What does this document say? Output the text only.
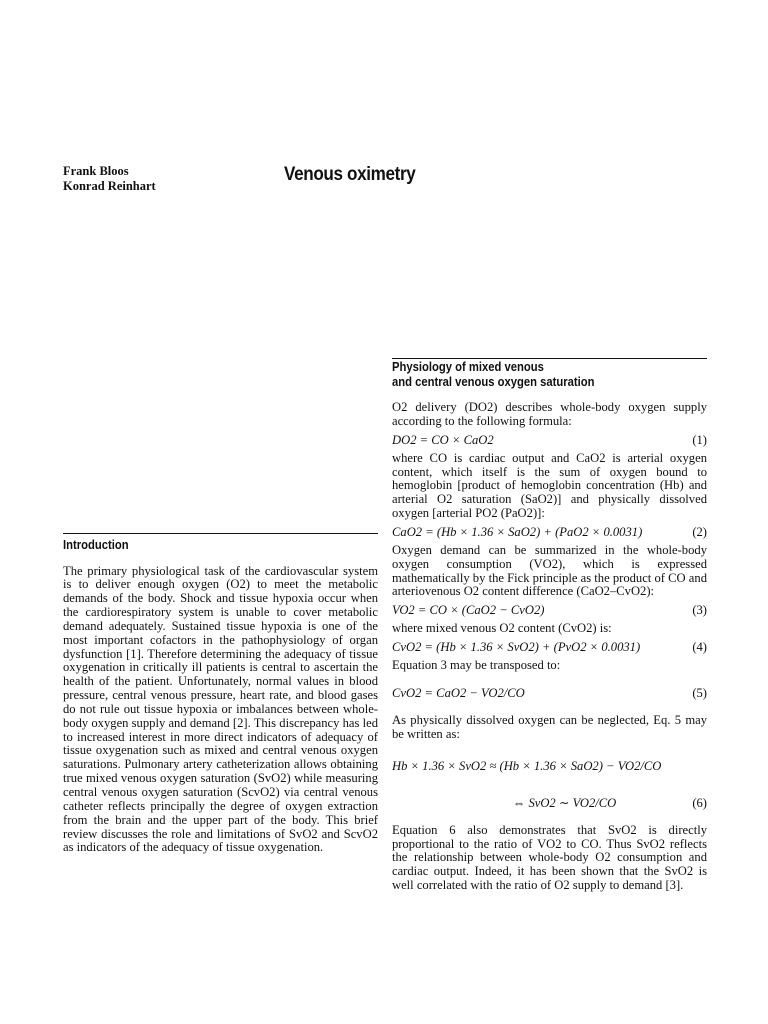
Frank Bloos
Konrad Reinhart
Venous oximetry
Introduction
The primary physiological task of the cardiovascular system is to deliver enough oxygen (O2) to meet the metabolic demands of the body. Shock and tissue hypoxia occur when the cardiorespiratory system is unable to cover metabolic demand adequately. Sustained tissue hypoxia is one of the most important cofactors in the pathophysiology of organ dysfunction [1]. Therefore determining the adequacy of tissue oxygenation in critically ill patients is central to ascertain the health of the patient. Unfortunately, normal values in blood pressure, central venous pressure, heart rate, and blood gases do not rule out tissue hypoxia or imbalances between whole-body oxygen supply and demand [2]. This discrepancy has led to increased interest in more direct indicators of adequacy of tissue oxygenation such as mixed and central venous oxygen saturations. Pulmonary artery catheterization allows obtaining true mixed venous oxygen saturation (SvO2) while measuring central venous oxygen saturation (ScvO2) via central venous catheter reflects principally the degree of oxygen extraction from the brain and the upper part of the body. This brief review discusses the role and limitations of SvO2 and ScvO2 as indicators of the adequacy of tissue oxygenation.
Physiology of mixed venous
and central venous oxygen saturation
O2 delivery (DO2) describes whole-body oxygen supply according to the following formula:
DO2 = CO × CaO2	(1)
where CO is cardiac output and CaO2 is arterial oxygen content, which itself is the sum of oxygen bound to hemoglobin [product of hemoglobin concentration (Hb) and arterial O2 saturation (SaO2)] and physically dissolved oxygen [arterial PO2 (PaO2)]:
CaO2 = (Hb × 1.36 × SaO2) + (PaO2 × 0.0031)	(2)
Oxygen demand can be summarized in the whole-body oxygen consumption (VO2), which is expressed mathematically by the Fick principle as the product of CO and arteriovenous O2 content difference (CaO2–CvO2):
VO2 = CO × (CaO2 − CvO2)	(3)
where mixed venous O2 content (CvO2) is:
CvO2 = (Hb × 1.36 × SvO2) + (PvO2 × 0.0031)	(4)
Equation 3 may be transposed to:
CvO2 = CaO2 − VO2/CO	(5)
As physically dissolved oxygen can be neglected, Eq. 5 may be written as:
Hb × 1.36 × SvO2 ≈ (Hb × 1.36 × SaO2) − VO2/CO
⇔ SvO2 ∼ VO2/CO	(6)
Equation 6 also demonstrates that SvO2 is directly proportional to the ratio of VO2 to CO. Thus SvO2 reflects the relationship between whole-body O2 consumption and cardiac output. Indeed, it has been shown that the SvO2 is well correlated with the ratio of O2 supply to demand [3].
